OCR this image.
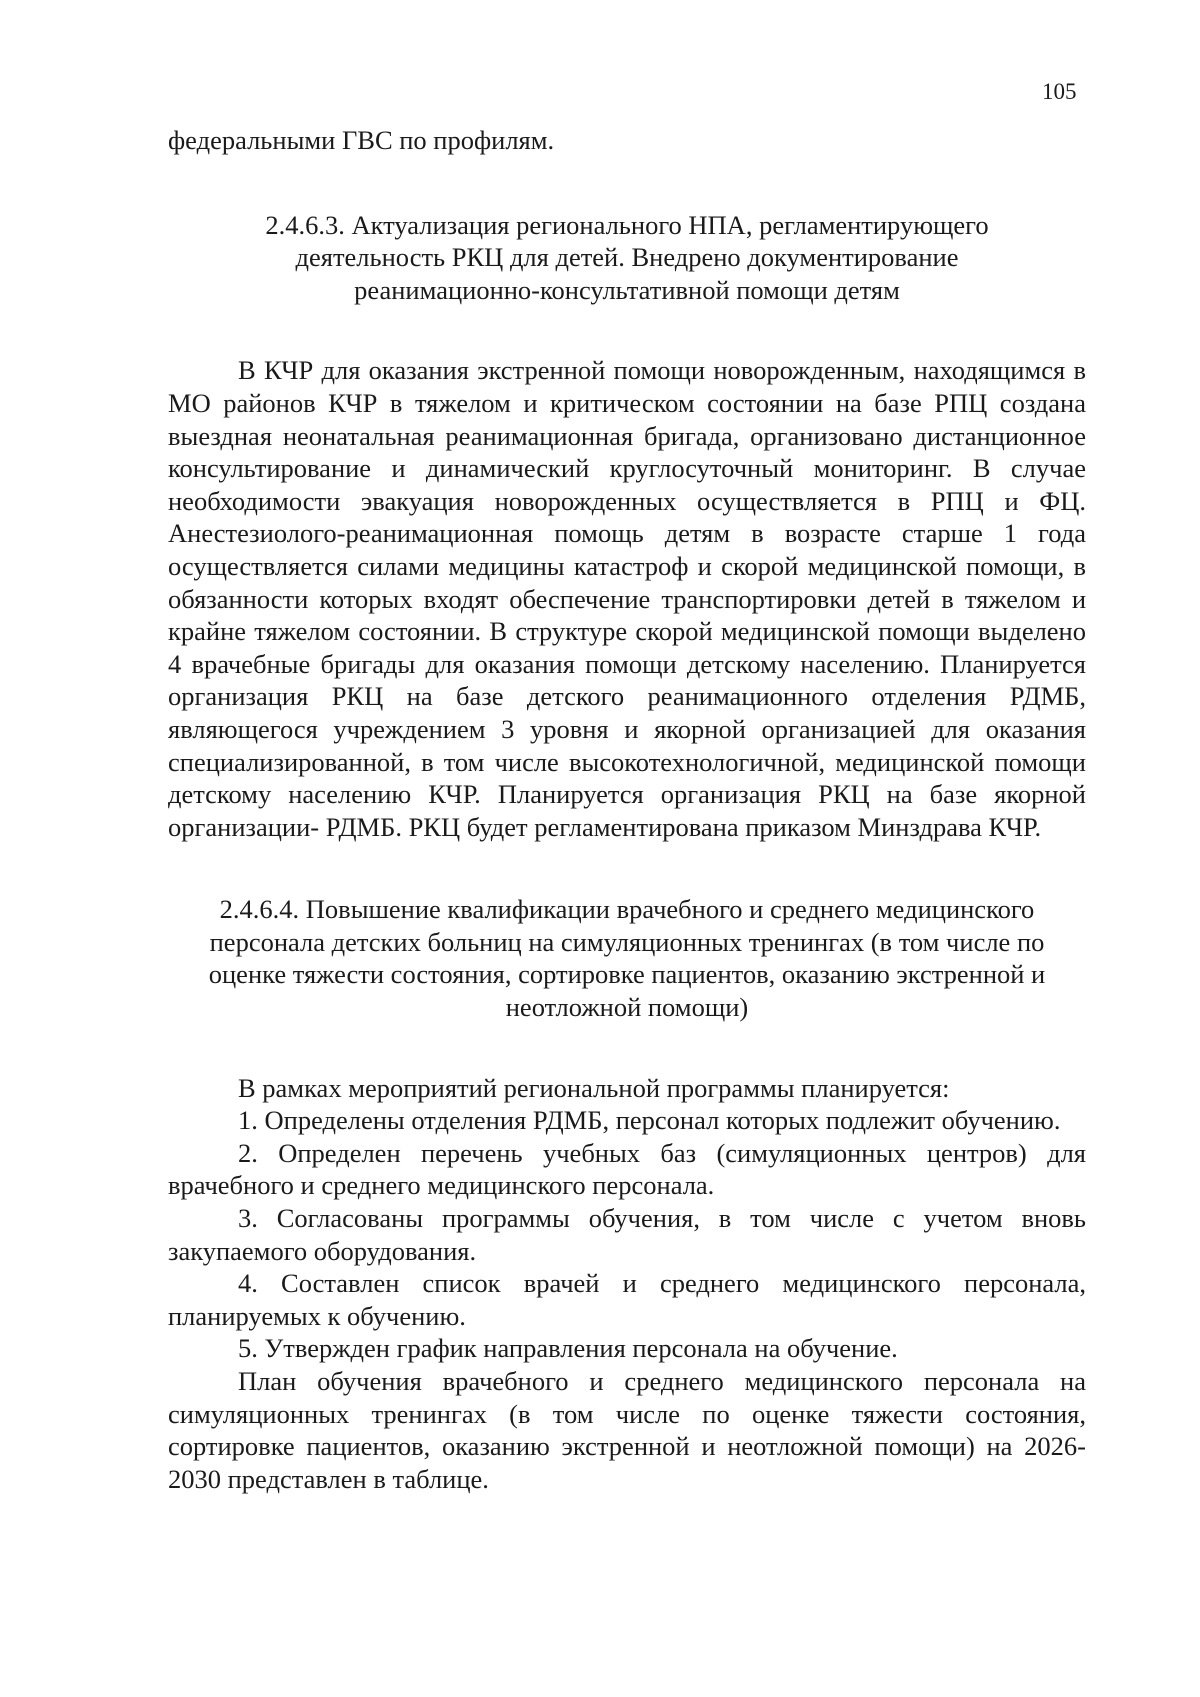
105

федеральными ГВС по профилям.

2.4.6.3. Актуализация регионального НПА, регламентирующего деятельность РКЦ для детей. Внедрено документирование реанимационно-консультативной помощи детям

В КЧР для оказания экстренной помощи новорожденным, находящимся в МО районов КЧР в тяжелом и критическом состоянии на базе РПЦ создана выездная неонатальная реанимационная бригада, организовано дистанционное консультирование и динамический круглосуточный мониторинг. В случае необходимости эвакуация новорожденных осуществляется в РПЦ и ФЦ. Анестезиолого-реанимационная помощь детям в возрасте старше 1 года осуществляется силами медицины катастроф и скорой медицинской помощи, в обязанности которых входят обеспечение транспортировки детей в тяжелом и крайне тяжелом состоянии. В структуре скорой медицинской помощи выделено 4 врачебные бригады для оказания помощи детскому населению. Планируется организация РКЦ на базе детского реанимационного отделения РДМБ, являющегося учреждением 3 уровня и якорной организацией для оказания специализированной, в том числе высокотехнологичной, медицинской помощи детскому населению КЧР. Планируется организация РКЦ на базе якорной организации- РДМБ. РКЦ будет регламентирована приказом Минздрава КЧР.

2.4.6.4. Повышение квалификации врачебного и среднего медицинского персонала детских больниц на симуляционных тренингах (в том числе по оценке тяжести состояния, сортировке пациентов, оказанию экстренной и неотложной помощи)

В рамках мероприятий региональной программы планируется:

1. Определены отделения РДМБ, персонал которых подлежит обучению.

2. Определен перечень учебных баз (симуляционных центров) для врачебного и среднего медицинского персонала.

3. Согласованы программы обучения, в том числе с учетом вновь закупаемого оборудования.

4. Составлен список врачей и среднего медицинского персонала, планируемых к обучению.

5. Утвержден график направления персонала на обучение.

План обучения врачебного и среднего медицинского персонала на симуляционных тренингах (в том числе по оценке тяжести состояния, сортировке пациентов, оказанию экстренной и неотложной помощи) на 2026-2030 представлен в таблице.
